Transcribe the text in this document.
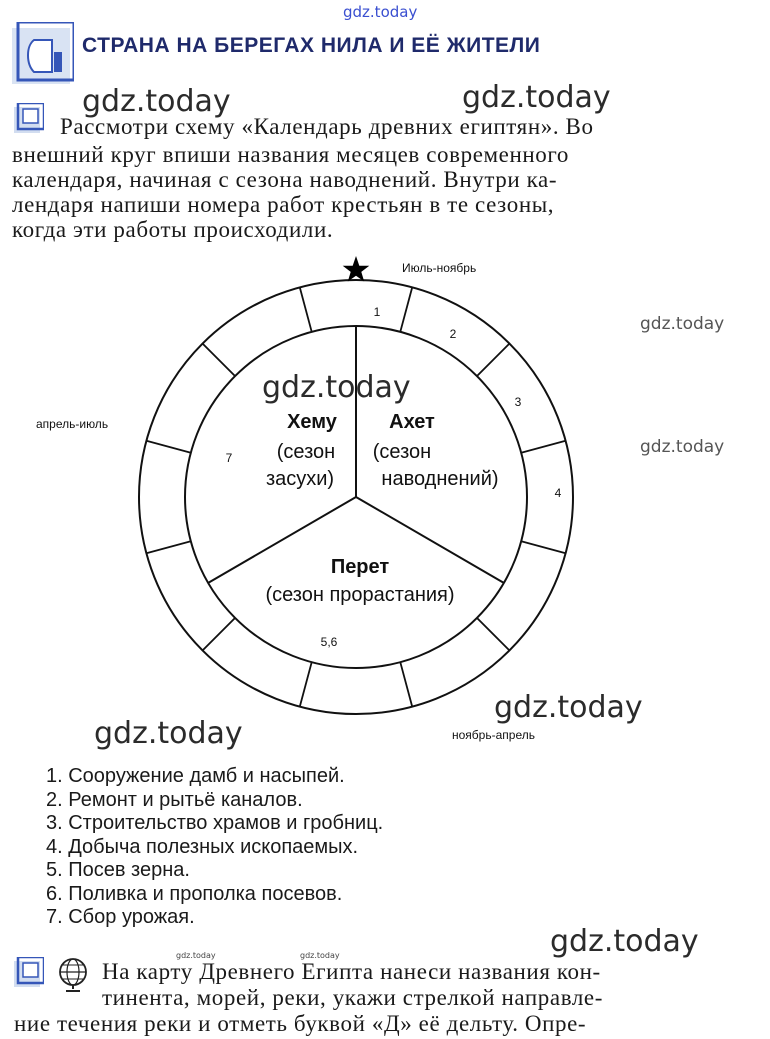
gdz.today
СТРАНА НА БЕРЕГАХ НИЛА И ЕЁ ЖИТЕЛИ
gdz.today	gdz.today
Рассмотри схему «Календарь древних египтян». Во
внешний круг впиши названия месяцев современного
календаря, начиная с сезона наводнений. Внутри ка-
лендаря напиши номера работ крестьян в те сезоны,
когда эти работы происходили.
Июль-ноябрь
апрель-июль
ноябрь-апрель
Ахет
(сезон
наводнений)
Хему
(сезон
засухи)
Перет
(сезон прорастания)
1
2
3
4
7
5,6
gdz.today
gdz.today
gdz.today
gdz.today
gdz.today
1. Сооружение дамб и насыпей.
2. Ремонт и рытьё каналов.
3. Строительство храмов и гробниц.
4. Добыча полезных ископаемых.
5. Посев зерна.
6. Поливка и прополка посевов.
7. Сбор урожая.
gdz.today	gdz.today	gdz.today
На карту Древнего Египта нанеси названия кон-
тинента, морей, реки, укажи стрелкой направле-
ние течения реки и отметь буквой «Д» её дельту. Опре-
